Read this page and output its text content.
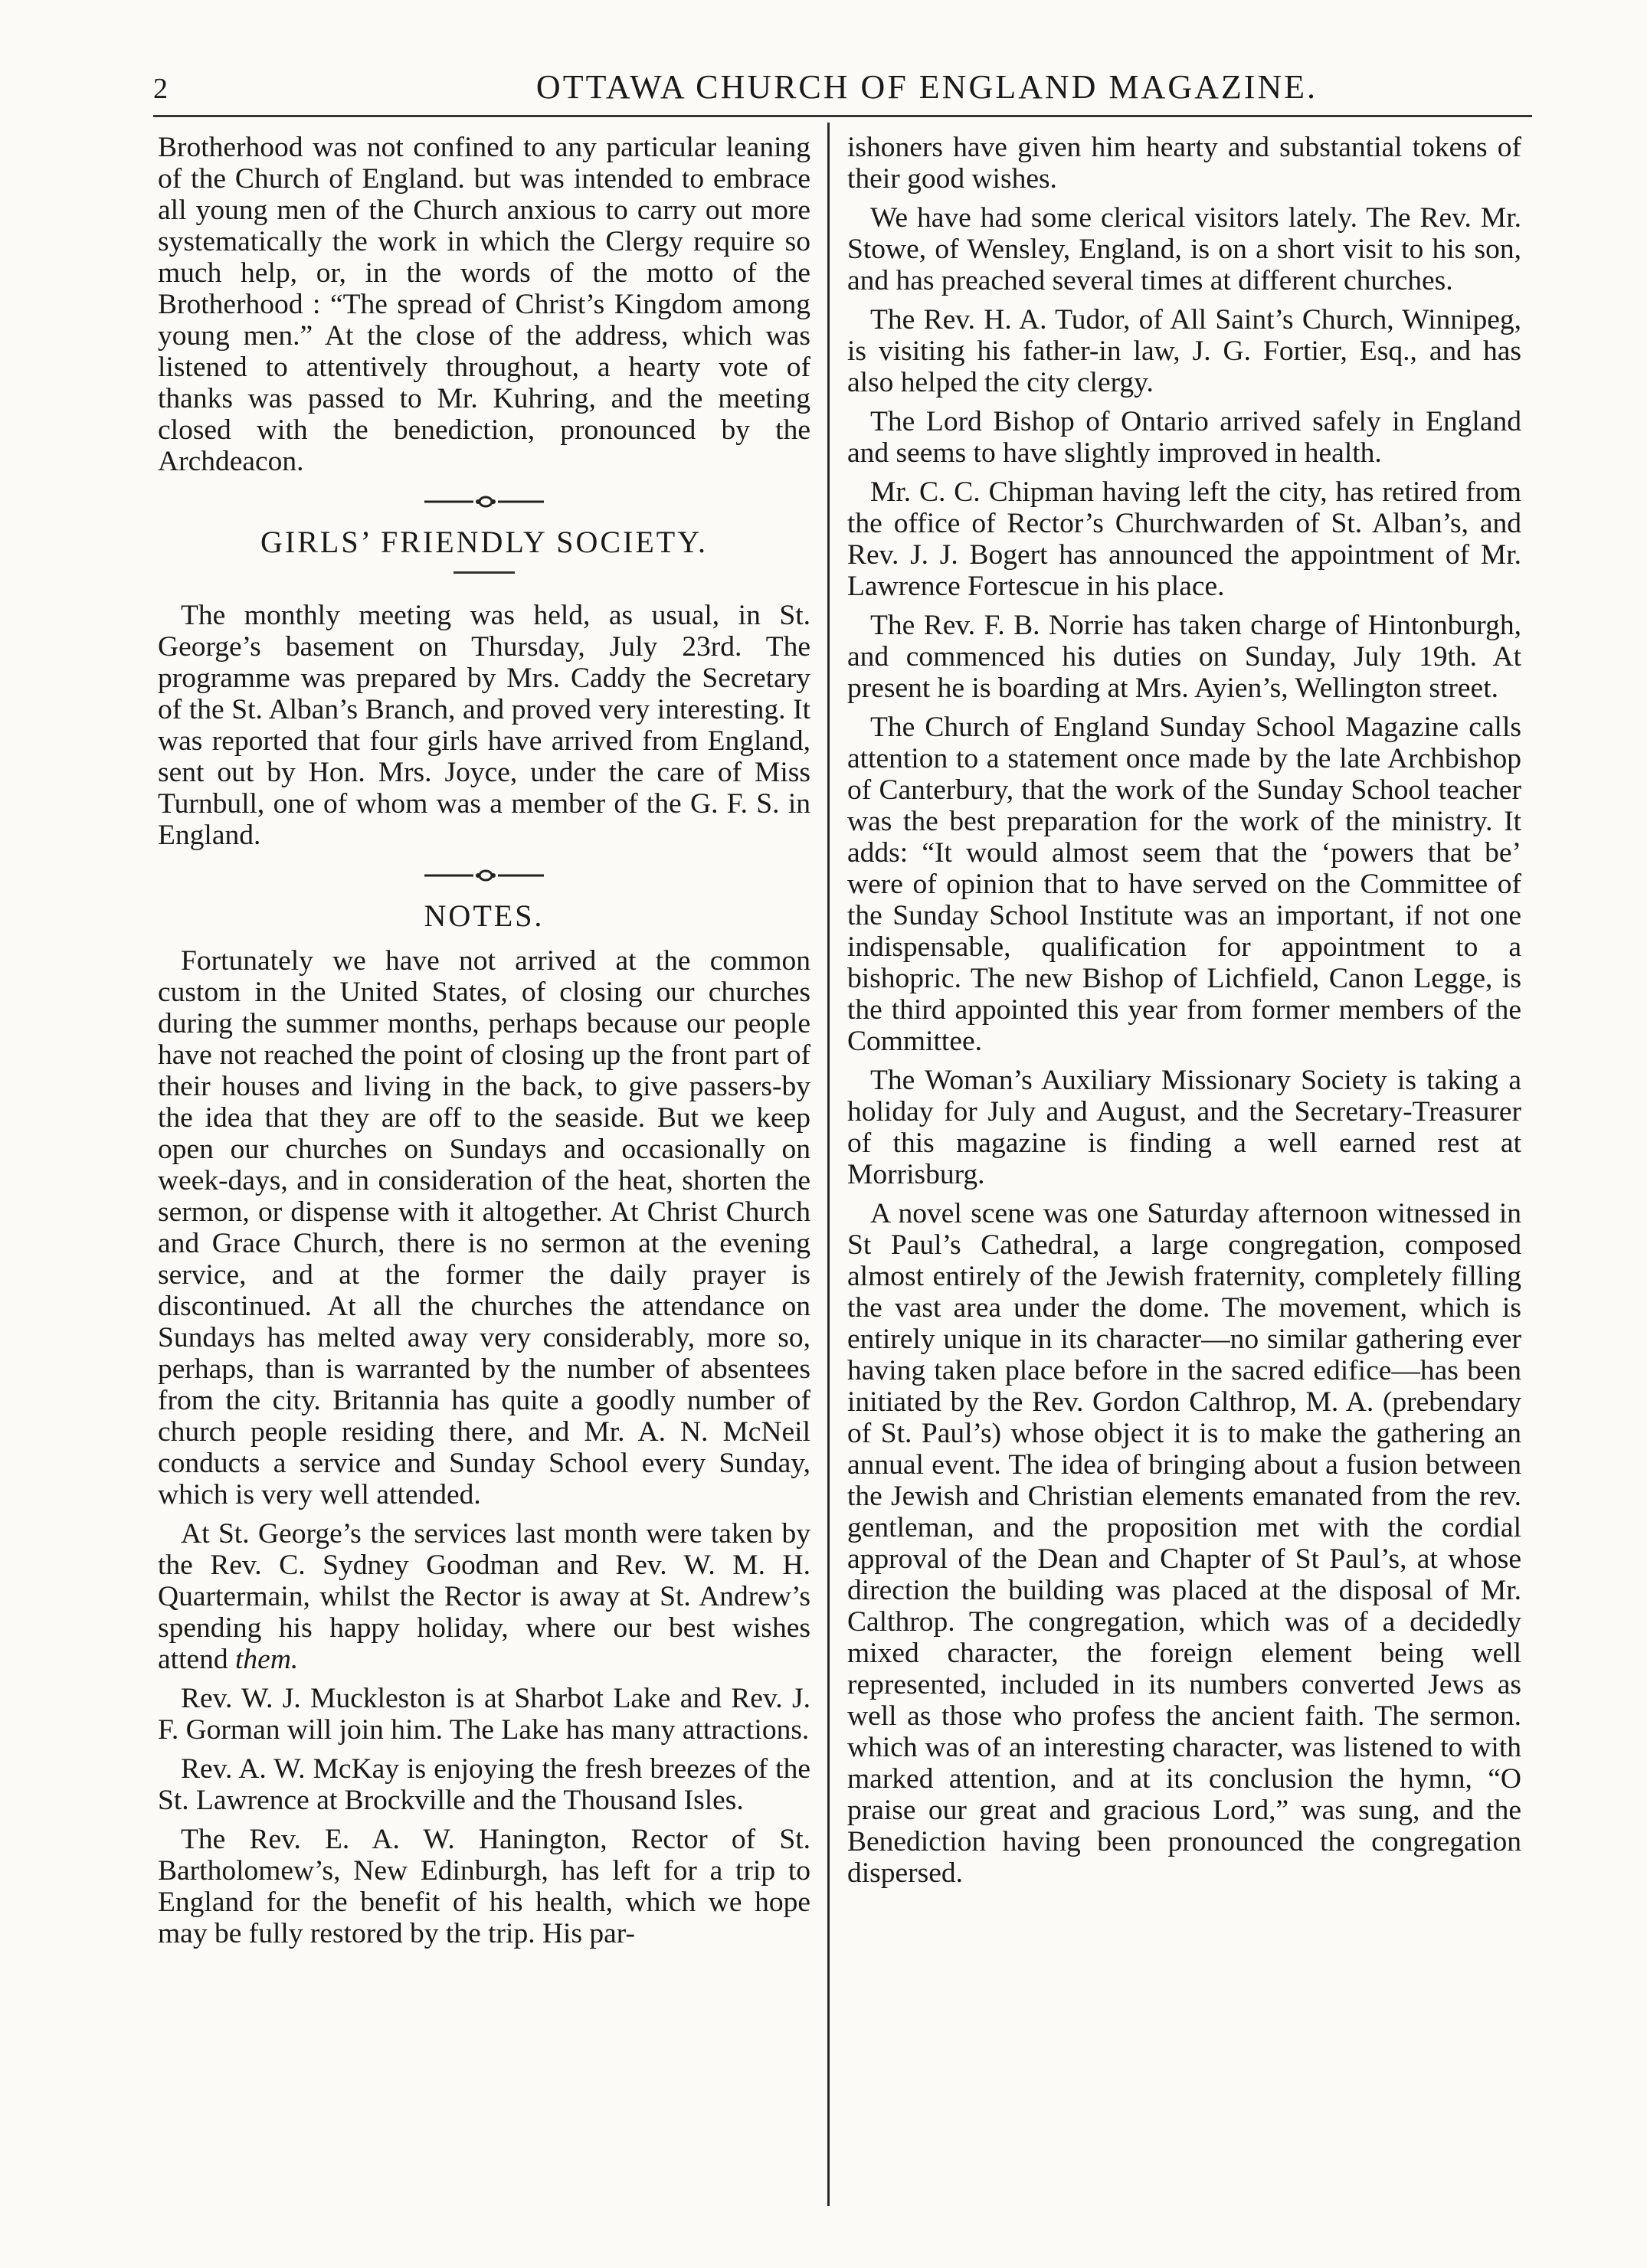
2	OTTAWA CHURCH OF ENGLAND MAGAZINE.

Brotherhood was not confined to any particular leaning of the Church of England. but was intended to embrace all young men of the Church anxious to carry out more systematically the work in which the Clergy require so much help, or, in the words of the motto of the Brotherhood : “The spread of Christ’s Kingdom among young men.” At the close of the address, which was listened to attentively throughout, a hearty vote of thanks was passed to Mr. Kuhring, and the meeting closed with the benediction, pronounced by the Archdeacon.

GIRLS’ FRIENDLY SOCIETY.

The monthly meeting was held, as usual, in St. George’s basement on Thursday, July 23rd. The programme was prepared by Mrs. Caddy the Secretary of the St. Alban’s Branch, and proved very interesting. It was reported that four girls have arrived from England, sent out by Hon. Mrs. Joyce, under the care of Miss Turnbull, one of whom was a member of the G. F. S. in England.

NOTES.

Fortunately we have not arrived at the common custom in the United States, of closing our churches during the summer months, perhaps because our people have not reached the point of closing up the front part of their houses and living in the back, to give passers-by the idea that they are off to the seaside. But we keep open our churches on Sundays and occasionally on week-days, and in consideration of the heat, shorten the sermon, or dispense with it altogether. At Christ Church and Grace Church, there is no sermon at the evening service, and at the former the daily prayer is discontinued. At all the churches the attendance on Sundays has melted away very considerably, more so, perhaps, than is warranted by the number of absentees from the city. Britannia has quite a goodly number of church people residing there, and Mr. A. N. McNeil conducts a service and Sunday School every Sunday, which is very well attended.

At St. George’s the services last month were taken by the Rev. C. Sydney Goodman and Rev. W. M. H. Quartermain, whilst the Rector is away at St. Andrew’s spending his happy holiday, where our best wishes attend them.

Rev. W. J. Muckleston is at Sharbot Lake and Rev. J. F. Gorman will join him. The Lake has many attractions.

Rev. A. W. McKay is enjoying the fresh breezes of the St. Lawrence at Brockville and the Thousand Isles.

The Rev. E. A. W. Hanington, Rector of St. Bartholomew’s, New Edinburgh, has left for a trip to England for the benefit of his health, which we hope may be fully restored by the trip. His par-

ishoners have given him hearty and substantial tokens of their good wishes.

We have had some clerical visitors lately. The Rev. Mr. Stowe, of Wensley, England, is on a short visit to his son, and has preached several times at different churches.

The Rev. H. A. Tudor, of All Saint’s Church, Winnipeg, is visiting his father-in law, J. G. Fortier, Esq., and has also helped the city clergy.

The Lord Bishop of Ontario arrived safely in England and seems to have slightly improved in health.

Mr. C. C. Chipman having left the city, has retired from the office of Rector’s Churchwarden of St. Alban’s, and Rev. J. J. Bogert has announced the appointment of Mr. Lawrence Fortescue in his place.

The Rev. F. B. Norrie has taken charge of Hintonburgh, and commenced his duties on Sunday, July 19th. At present he is boarding at Mrs. Ayien’s, Wellington street.

The Church of England Sunday School Magazine calls attention to a statement once made by the late Archbishop of Canterbury, that the work of the Sunday School teacher was the best preparation for the work of the ministry. It adds: “It would almost seem that the ‘powers that be’ were of opinion that to have served on the Committee of the Sunday School Institute was an important, if not one indispensable, qualification for appointment to a bishopric. The new Bishop of Lichfield, Canon Legge, is the third appointed this year from former members of the Committee.

The Woman’s Auxiliary Missionary Society is taking a holiday for July and August, and the Secretary-Treasurer of this magazine is finding a well earned rest at Morrisburg.

A novel scene was one Saturday afternoon witnessed in St Paul’s Cathedral, a large congregation, composed almost entirely of the Jewish fraternity, completely filling the vast area under the dome. The movement, which is entirely unique in its character—no similar gathering ever having taken place before in the sacred edifice—has been initiated by the Rev. Gordon Calthrop, M. A. (prebendary of St. Paul’s) whose object it is to make the gathering an annual event. The idea of bringing about a fusion between the Jewish and Christian elements emanated from the rev. gentleman, and the proposition met with the cordial approval of the Dean and Chapter of St Paul’s, at whose direction the building was placed at the disposal of Mr. Calthrop. The congregation, which was of a decidedly mixed character, the foreign element being well represented, included in its numbers converted Jews as well as those who profess the ancient faith. The sermon. which was of an interesting character, was listened to with marked attention, and at its conclusion the hymn, “O praise our great and gracious Lord,” was sung, and the Benediction having been pronounced the congregation dispersed.
